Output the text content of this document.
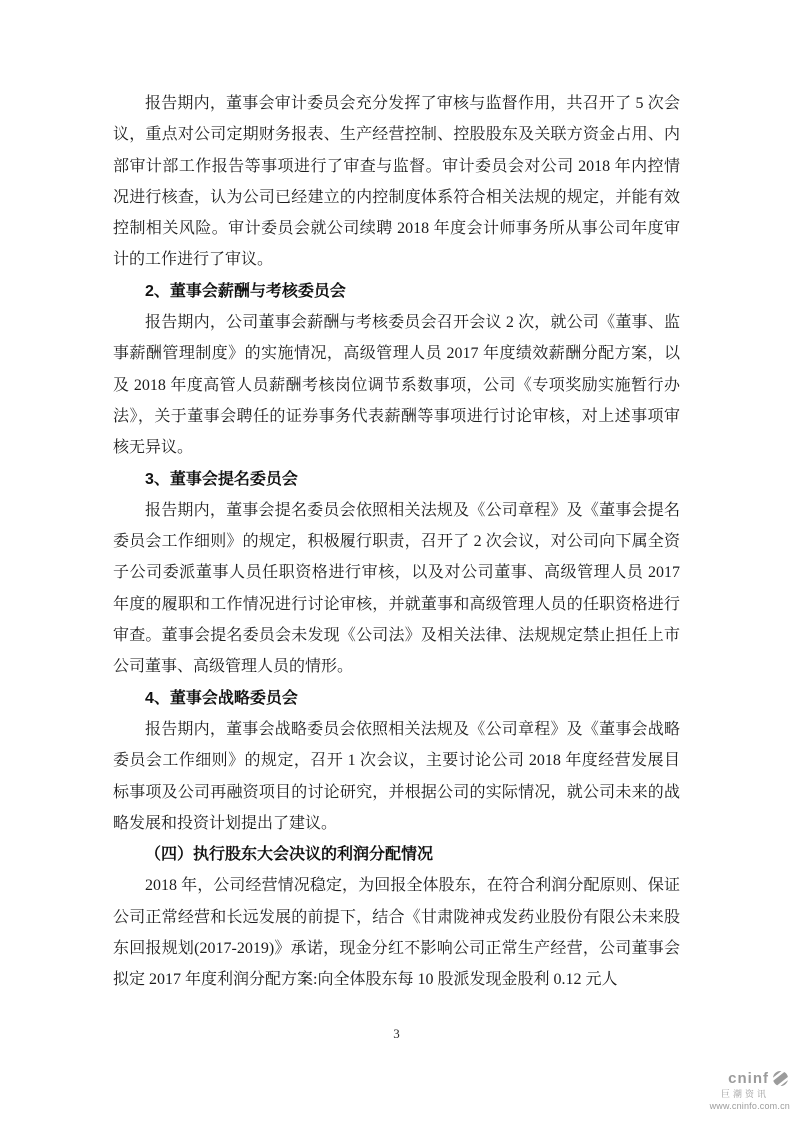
报告期内，董事会审计委员会充分发挥了审核与监督作用，共召开了 5 次会议，重点对公司定期财务报表、生产经营控制、控股股东及关联方资金占用、内部审计部工作报告等事项进行了审查与监督。审计委员会对公司 2018 年内控情况进行核查，认为公司已经建立的内控制度体系符合相关法规的规定，并能有效控制相关风险。审计委员会就公司续聘 2018 年度会计师事务所从事公司年度审计的工作进行了审议。

2、董事会薪酬与考核委员会

报告期内，公司董事会薪酬与考核委员会召开会议 2 次，就公司《董事、监事薪酬管理制度》的实施情况，高级管理人员 2017 年度绩效薪酬分配方案，以及 2018 年度高管人员薪酬考核岗位调节系数事项，公司《专项奖励实施暂行办法》，关于董事会聘任的证券事务代表薪酬等事项进行讨论审核，对上述事项审核无异议。

3、董事会提名委员会

报告期内，董事会提名委员会依照相关法规及《公司章程》及《董事会提名委员会工作细则》的规定，积极履行职责，召开了 2 次会议，对公司向下属全资子公司委派董事人员任职资格进行审核，以及对公司董事、高级管理人员 2017 年度的履职和工作情况进行讨论审核，并就董事和高级管理人员的任职资格进行审查。董事会提名委员会未发现《公司法》及相关法律、法规规定禁止担任上市公司董事、高级管理人员的情形。

4、董事会战略委员会

报告期内，董事会战略委员会依照相关法规及《公司章程》及《董事会战略委员会工作细则》的规定，召开 1 次会议，主要讨论公司 2018 年度经营发展目标事项及公司再融资项目的讨论研究，并根据公司的实际情况，就公司未来的战略发展和投资计划提出了建议。

（四）执行股东大会决议的利润分配情况

2018 年，公司经营情况稳定，为回报全体股东，在符合利润分配原则、保证公司正常经营和长远发展的前提下，结合《甘肃陇神戎发药业股份有限公未来股东回报规划(2017-2019)》承诺，现金分红不影响公司正常生产经营，公司董事会拟定 2017 年度利润分配方案:向全体股东每 10 股派发现金股利 0.12 元人

3
cninf
巨潮资讯
www.cninfo.com.cn
